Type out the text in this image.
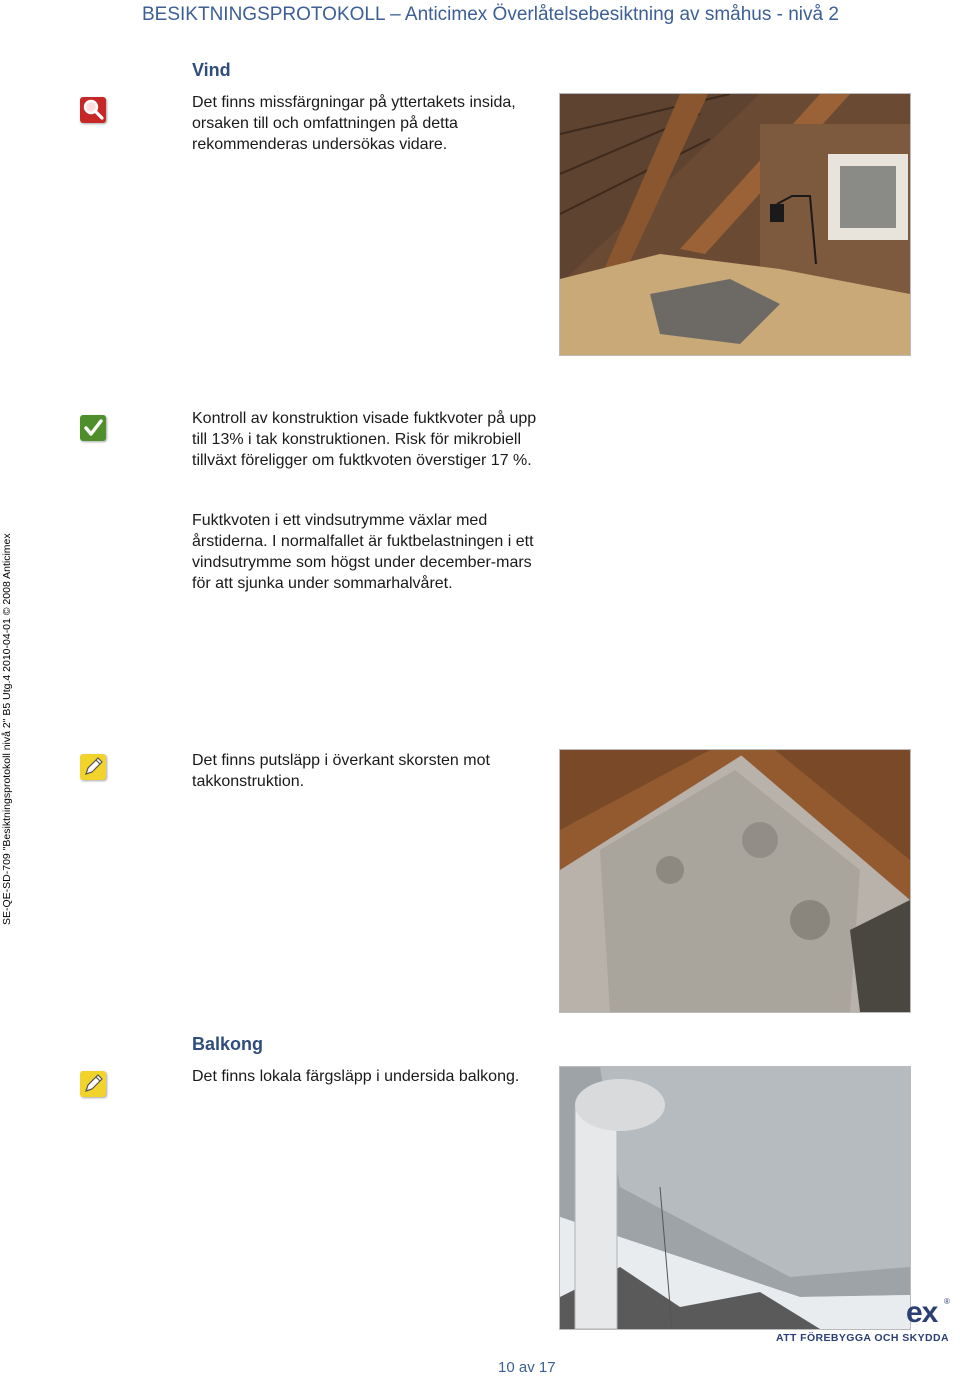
BESIKTNINGSPROTOKOLL – Anticimex Överlåtelsebesiktning av småhus - nivå 2
SE-QE-SD-709 "Besiktningsprotokoll nivå 2" B5 Utg.4 2010-04-01 © 2008 Anticimex
Vind
Det finns missfärgningar på yttertakets insida, orsaken till och omfattningen på detta rekommenderas undersökas vidare.
Kontroll av konstruktion visade fuktkvoter på upp till 13% i tak konstruktionen. Risk för mikrobiell tillväxt föreligger om fuktkvoten överstiger 17 %.
Fuktkvoten i ett vindsutrymme växlar med årstiderna. I normalfallet är fuktbelastningen i ett vindsutrymme som högst under december-mars för att sjunka under sommarhalvåret.
Det finns putsläpp i överkant skorsten mot takkonstruktion.
Balkong
Det finns lokala färgsläpp i undersida balkong.
10 av 17
ex ®
ATT FÖREBYGGA OCH SKYDDA
